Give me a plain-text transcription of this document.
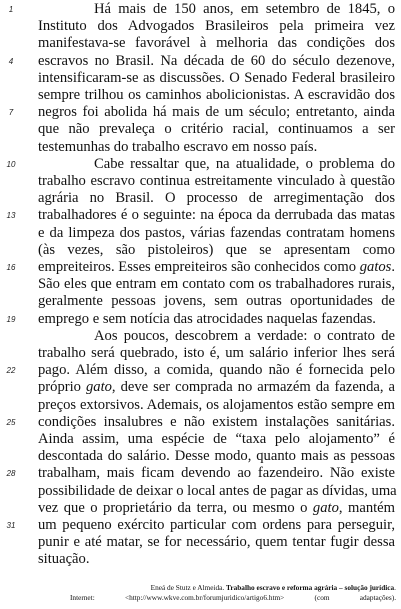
1	Há mais de 150 anos, em setembro de 1845, o
Instituto dos Advogados Brasileiros pela primeira vez
manifestava-se favorável à melhoria das condições dos
4	escravos no Brasil. Na década de 60 do século dezenove,
intensificaram-se as discussões. O Senado Federal brasileiro
sempre trilhou os caminhos abolicionistas. A escravidão dos
7	negros foi abolida há mais de um século; entretanto, ainda
que não prevaleça o critério racial, continuamos a ser
testemunhas do trabalho escravo em nosso país.
10	Cabe ressaltar que, na atualidade, o problema do
trabalho escravo continua estreitamente vinculado à questão
agrária no Brasil. O processo de arregimentação dos
13	trabalhadores é o seguinte: na época da derrubada das matas
e da limpeza dos pastos, várias fazendas contratam homens
(às vezes, são pistoleiros) que se apresentam como
16	empreiteiros. Esses empreiteiros são conhecidos como gatos.
São eles que entram em contato com os trabalhadores rurais,
geralmente pessoas jovens, sem outras oportunidades de
19	emprego e sem notícia das atrocidades naquelas fazendas.
Aos poucos, descobrem a verdade: o contrato de
trabalho será quebrado, isto é, um salário inferior lhes será
22	pago. Além disso, a comida, quando não é fornecida pelo
próprio gato, deve ser comprada no armazém da fazenda, a
preços extorsivos. Ademais, os alojamentos estão sempre em
25	condições insalubres e não existem instalações sanitárias.
Ainda assim, uma espécie de “taxa pelo alojamento” é
descontada do salário. Desse modo, quanto mais as pessoas
28	trabalham, mais ficam devendo ao fazendeiro. Não existe
possibilidade de deixar o local antes de pagar as dívidas, uma
vez que o proprietário da terra, ou mesmo o gato, mantém
31	um pequeno exército particular com ordens para perseguir,
punir e até matar, se for necessário, quem tentar fugir dessa
situação.
Eneá de Stutz e Almeida. Trabalho escravo e reforma agrária – solução jurídica.
Internet:	<http://www.wkve.com.br/forumjuridico/artigo6.htm>	(com adaptações).
